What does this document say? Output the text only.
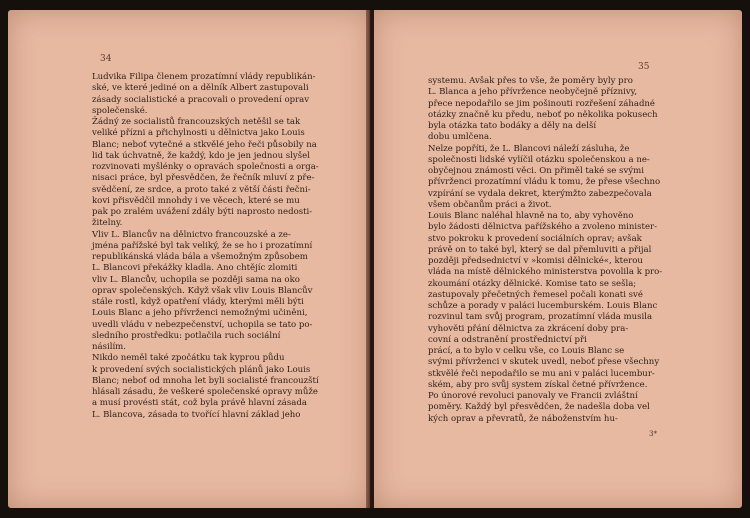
34
Ludvika Filipa členem prozatímní vlády republikán-
ské, ve které jediné on a dělník Albert zastupovali
zásady socialistické a pracovali o provedení oprav
společenské.
Žádný ze socialistů francouzských netěšil se tak
veliké přízni a přichylnosti u dělnictva jako Louis
Blanc; neboť vytečné a stkvělé jeho řeči působily na
lid tak úchvatně, že každý, kdo je jen jednou slyšel
rozvinovati myšlénky o opravách společnosti a orga-
nisaci práce, byl přesvědčen, že řečník mluví z pře-
svědčení, ze srdce, a proto také z větší části řečni-
kovi přisvědčil mnohdy i ve věcech, které se mu
pak po zralém uvážení zdály býti naprosto nedosti-
žitelny.
Vliv L. Blancův na dělnictvo francouzské a ze-
jména pařížské byl tak veliký, že se ho i prozatímní
republikánská vláda bála a všemožným způsobem
L. Blancovi překážky kladla. Ano chtějíc zlomiti
vliv L. Blancův, uchopila se později sama na oko
oprav společenských. Když však vliv Louis Blancův
stále rostl, když opatření vlády, kterými měli býti
Louis Blanc a jeho přívrženci nemožnými učiněni,
uvedli vládu v nebezpečenství, uchopila se tato po-
sledního prostředku: potlačila ruch sociální
násilím.
Nikdo neměl také zpočátku tak kyprou půdu
k provedení svých socialistických plánů jako Louis
Blanc; neboť od mnoha let byli socialisté francouzští
hlásali zásadu, že veškeré společenské opravy může
a musí provésti stát, což byla právě hlavní zásada
L. Blancova, zásada to tvořící hlavní základ jeho
35
systemu. Avšak přes to vše, že poměry byly pro
L. Blanca a jeho přívržence neobyčejně příznivy,
přece nepodařilo se jim pošinouti rozřešení záhadné
otázky značně ku předu, neboť po několika pokusech
byla otázka tato bodáky a děly na delší
dobu umlčena.
Nelze popříti, že L. Blancovi náleží zásluha, že
společnosti lidské vylíčil otázku společenskou a ne-
obyčejnou známosti věci. On přiměl také se svými
přívrženci prozatímní vládu k tomu, že přese všechno
vzpírání se vydala dekret, kterýmžto zabezpečovala
všem občanům práci a život.
Louis Blanc naléhal hlavně na to, aby vyhověno
bylo žádosti dělnictva pařížského a zvoleno minister-
stvo pokroku k provedení sociálních oprav; avšak
právě on to také byl, který se dal přemluviti a přijal
později předsednictví v »komisi dělnické«, kterou
vláda na místě dělnického ministerstva povolila k pro-
zkoumání otázky dělnické. Komise tato se sešla;
zastupovaly přečetných řemesel počali konati své
schůze a porady v paláci lucemburském. Louis Blanc
rozvinul tam svůj program, prozatímní vláda musila
vyhověti přání dělnictva za zkrácení doby pra-
covní a odstranění prostřednictví při
prácí, a to bylo v celku vše, co Louis Blanc se
svými přívrženci v skutek uvedl, neboť přese všechny
stkvělé řeči nepodařilo se mu ani v paláci lucembur-
ském, aby pro svůj system získal četné přívržence.
Po únorové revoluci panovaly ve Francii zvláštní
poměry. Každý byl přesvědčen, že nadešla doba vel
kých oprav a převratů, že náboženstvím hu-
3*
